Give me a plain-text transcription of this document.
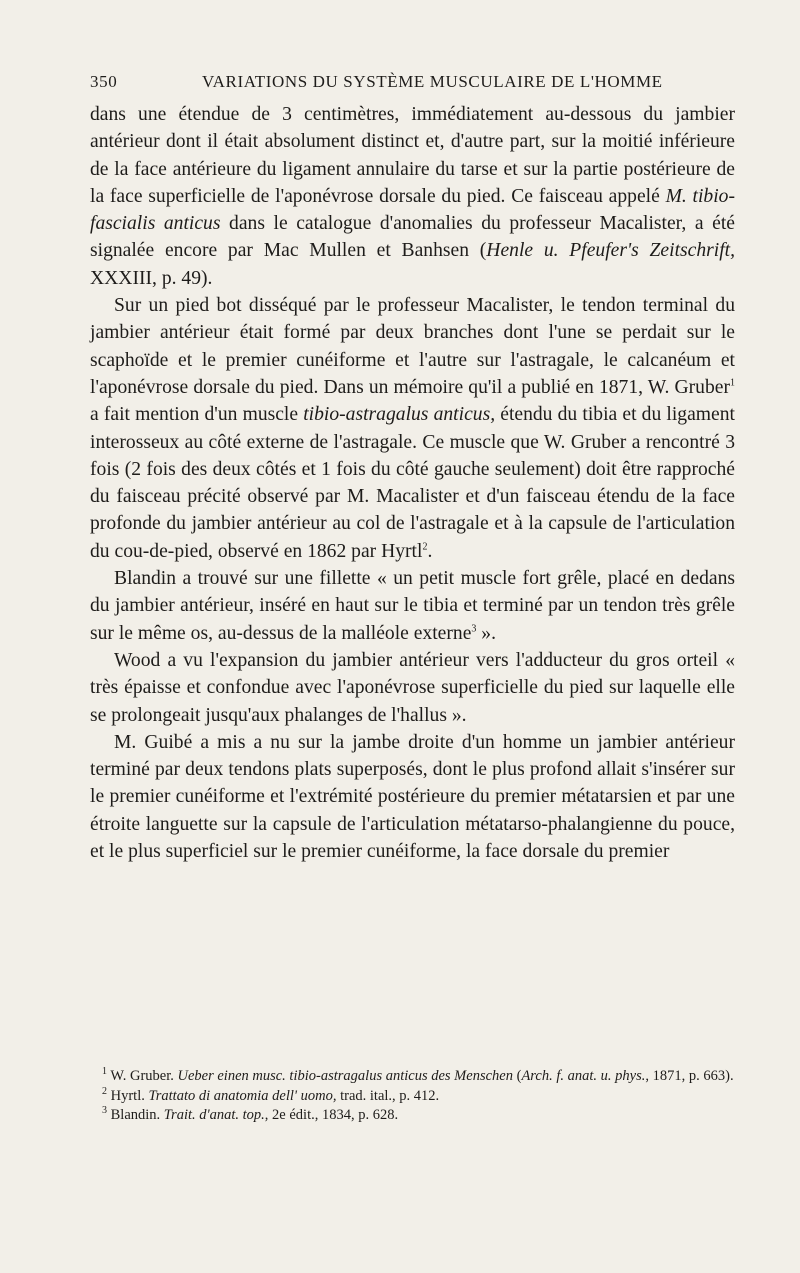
350	VARIATIONS DU SYSTÈME MUSCULAIRE DE L'HOMME

dans une étendue de 3 centimètres, immédiatement au-dessous du jambier antérieur dont il était absolument distinct et, d'autre part, sur la moitié inférieure de la face antérieure du ligament annulaire du tarse et sur la partie postérieure de la face superficielle de l'aponévrose dorsale du pied. Ce faisceau appelé M. tibio-fascialis anticus dans le catalogue d'anomalies du professeur Macalister, a été signalée encore par Mac Mullen et Banhsen (Henle u. Pfeufer's Zeitschrift, XXXIII, p. 49).

Sur un pied bot disséqué par le professeur Macalister, le tendon terminal du jambier antérieur était formé par deux branches dont l'une se perdait sur le scaphoïde et le premier cunéiforme et l'autre sur l'astragale, le calcanéum et l'aponévrose dorsale du pied. Dans un mémoire qu'il a publié en 1871, W. Gruber$^1$ a fait mention d'un muscle tibio-astragalus anticus, étendu du tibia et du ligament interosseux au côté externe de l'astragale. Ce muscle que W. Gruber a rencontré 3 fois (2 fois des deux côtés et 1 fois du côté gauche seulement) doit être rapproché du faisceau précité observé par M. Macalister et d'un faisceau étendu de la face profonde du jambier antérieur au col de l'astragale et à la capsule de l'articulation du cou-de-pied, observé en 1862 par Hyrtl$^2$.

Blandin a trouvé sur une fillette « un petit muscle fort grêle, placé en dedans du jambier antérieur, inséré en haut sur le tibia et terminé par un tendon très grêle sur le même os, au-dessus de la malléole externe$^3$ ».

Wood a vu l'expansion du jambier antérieur vers l'adducteur du gros orteil « très épaisse et confondue avec l'aponévrose superficielle du pied sur laquelle elle se prolongeait jusqu'aux phalanges de l'hallus ».

M. Guibé a mis a nu sur la jambe droite d'un homme un jambier antérieur terminé par deux tendons plats superposés, dont le plus profond allait s'insérer sur le premier cunéiforme et l'extrémité postérieure du premier métatarsien et par une étroite languette sur la capsule de l'articulation métatarso-phalangienne du pouce, et le plus superficiel sur le premier cunéiforme, la face dorsale du premier

$^1$ W. Gruber. Ueber einen musc. tibio-astragalus anticus des Menschen (Arch. f. anat. u. phys., 1871, p. 663).

$^2$ Hyrtl. Trattato di anatomia dell' uomo, trad. ital., p. 412.

$^3$ Blandin. Trait. d'anat. top., 2e édit., 1834, p. 628.
